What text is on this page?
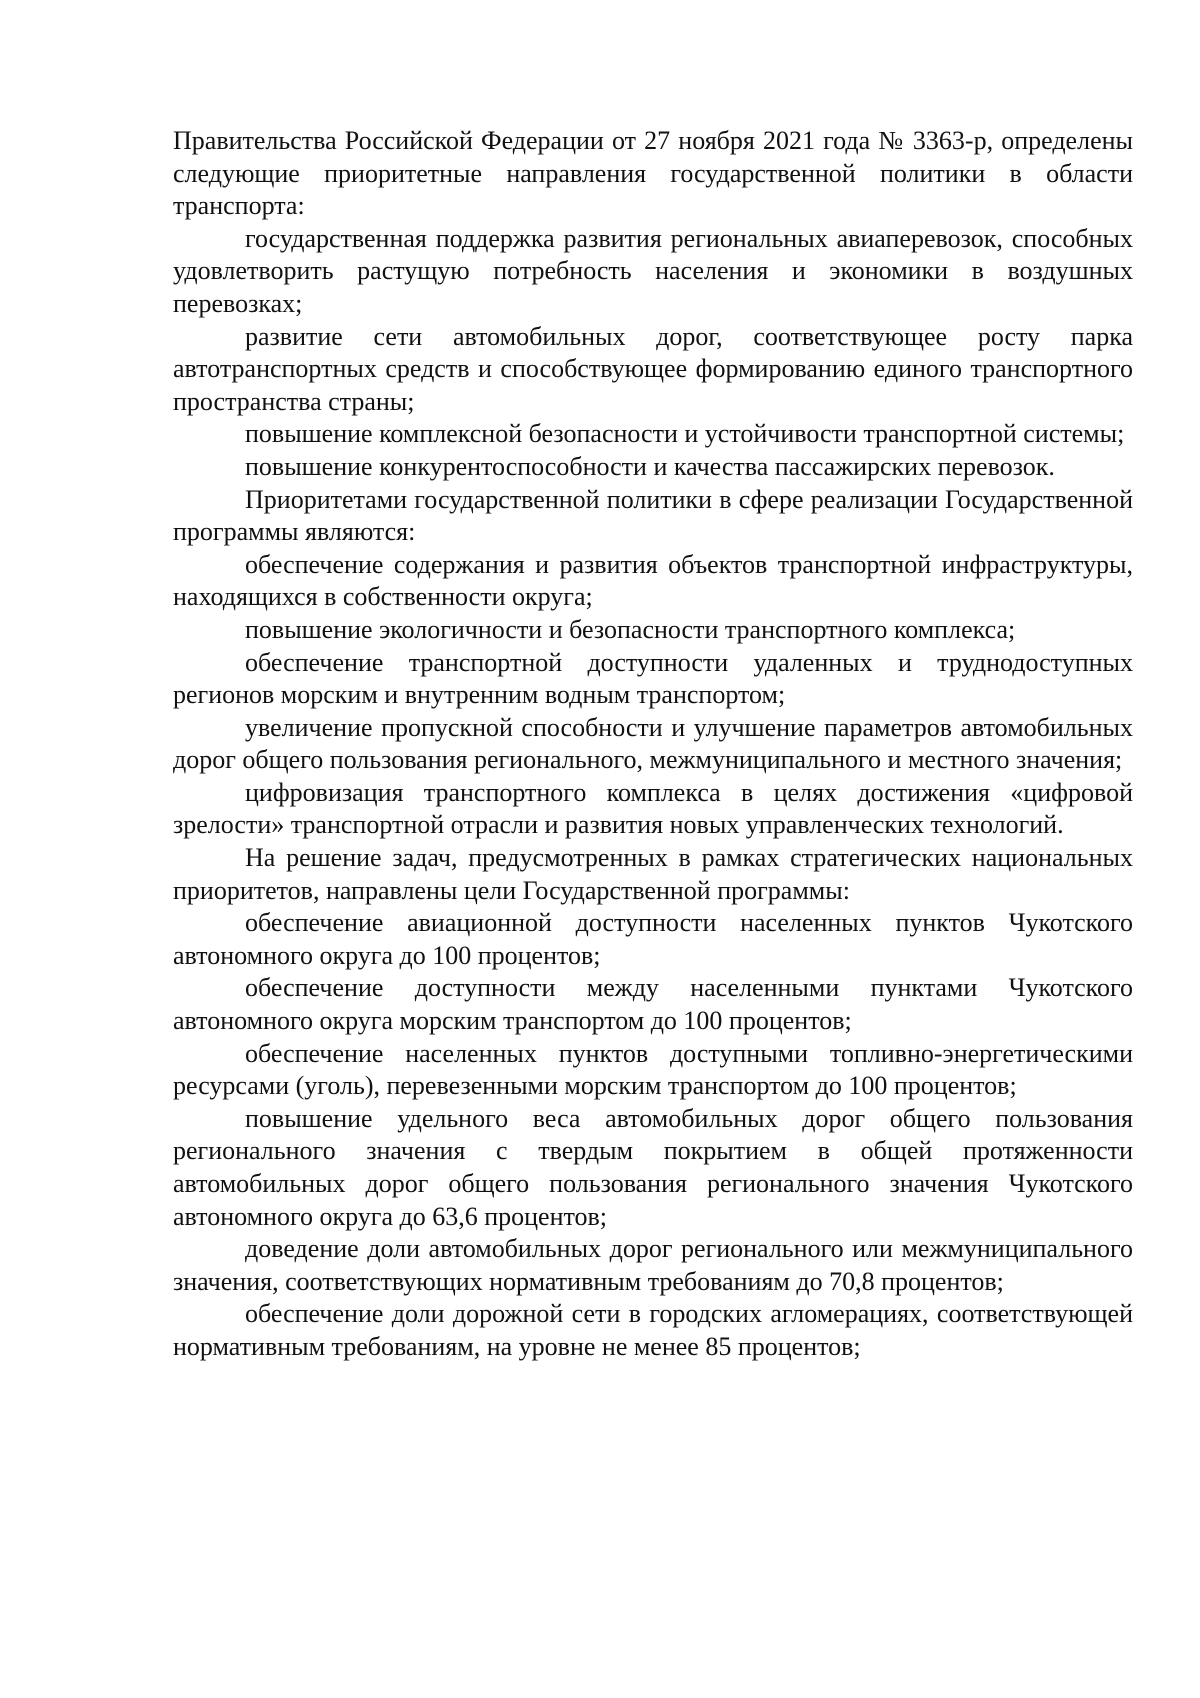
Правительства Российской Федерации от 27 ноября 2021 года № 3363-р, определены следующие приоритетные направления государственной политики в области транспорта:

государственная поддержка развития региональных авиаперевозок, способных удовлетворить растущую потребность населения и экономики в воздушных перевозках;

развитие сети автомобильных дорог, соответствующее росту парка автотранспортных средств и способствующее формированию единого транспортного пространства страны;

повышение комплексной безопасности и устойчивости транспортной системы;

повышение конкурентоспособности и качества пассажирских перевозок.

Приоритетами государственной политики в сфере реализации Государственной программы являются:

обеспечение содержания и развития объектов транспортной инфраструктуры, находящихся в собственности округа;

повышение экологичности и безопасности транспортного комплекса;

обеспечение транспортной доступности удаленных и труднодоступных регионов морским и внутренним водным транспортом;

увеличение пропускной способности и улучшение параметров автомобильных дорог общего пользования регионального, межмуниципального и местного значения;

цифровизация транспортного комплекса в целях достижения «цифровой зрелости» транспортной отрасли и развития новых управленческих технологий.

На решение задач, предусмотренных в рамках стратегических национальных приоритетов, направлены цели Государственной программы:

обеспечение авиационной доступности населенных пунктов Чукотского автономного округа до 100 процентов;

обеспечение доступности между населенными пунктами Чукотского автономного округа морским транспортом до 100 процентов;

обеспечение населенных пунктов доступными топливно-энергетическими ресурсами (уголь), перевезенными морским транспортом до 100 процентов;

повышение удельного веса автомобильных дорог общего пользования регионального значения с твердым покрытием в общей протяженности автомобильных дорог общего пользования регионального значения Чукотского автономного округа до 63,6 процентов;

доведение доли автомобильных дорог регионального или межмуниципального значения, соответствующих нормативным требованиям до 70,8 процентов;

обеспечение доли дорожной сети в городских агломерациях, соответствующей нормативным требованиям, на уровне не менее 85 процентов;
